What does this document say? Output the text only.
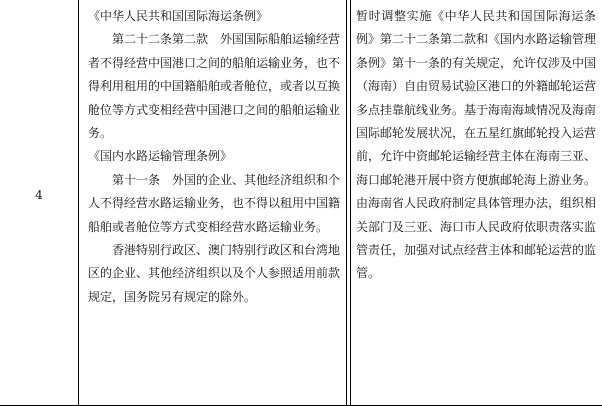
4

《中华人民共和国国际海运条例》

第二十二条第二款　外国国际船舶运输经营者不得经营中国港口之间的船舶运输业务，也不得利用租用的中国籍船舶或者舱位，或者以互换舱位等方式变相经营中国港口之间的船舶运输业务。

《国内水路运输管理条例》

第十一条　外国的企业、其他经济组织和个人不得经营水路运输业务，也不得以租用中国籍船舶或者舱位等方式变相经营水路运输业务。

香港特别行政区、澳门特别行政区和台湾地区的企业、其他经济组织以及个人参照适用前款规定，国务院另有规定的除外。

暂时调整实施《中华人民共和国国际海运条例》第二十二条第二款和《国内水路运输管理条例》第十一条的有关规定，允许仅涉及中国（海南）自由贸易试验区港口的外籍邮轮运营多点挂靠航线业务。基于海南海域情况及海南国际邮轮发展状况，在五星红旗邮轮投入运营前，允许中资邮轮运输经营主体在海南三亚、海口邮轮港开展中资方便旗邮轮海上游业务。由海南省人民政府制定具体管理办法，组织相关部门及三亚、海口市人民政府依职责落实监管责任，加强对试点经营主体和邮轮运营的监管。
